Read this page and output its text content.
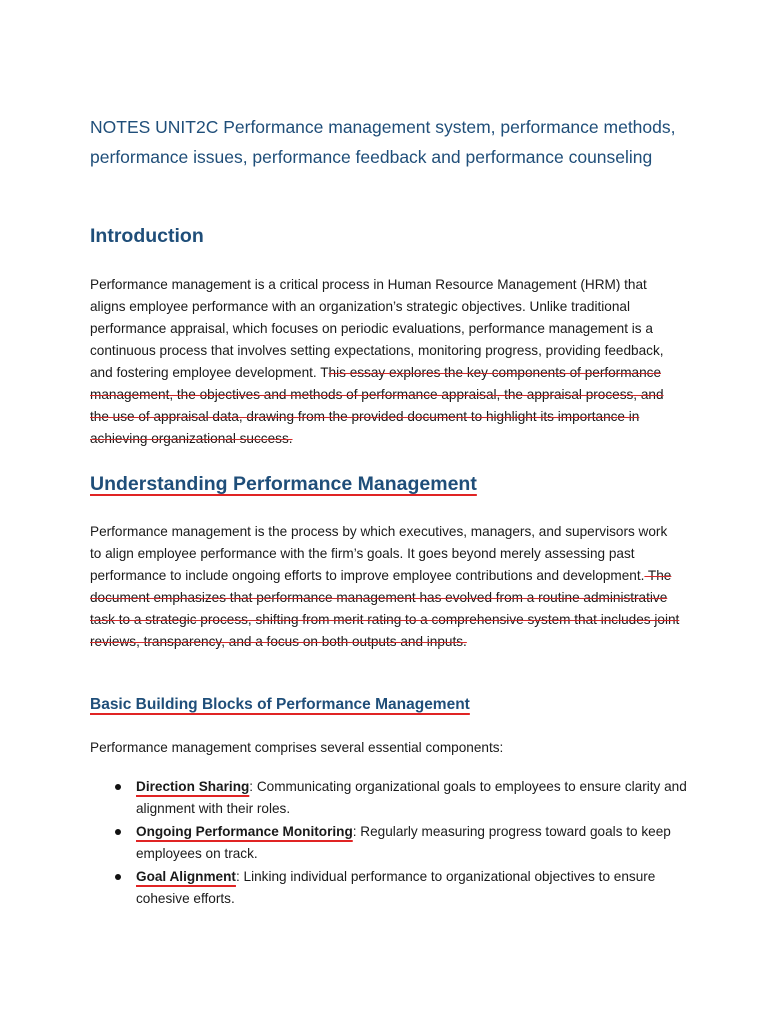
NOTES UNIT2C Performance management system, performance methods, performance issues, performance feedback and performance counseling

Introduction

Performance management is a critical process in Human Resource Management (HRM) that aligns employee performance with an organization’s strategic objectives. Unlike traditional performance appraisal, which focuses on periodic evaluations, performance management is a continuous process that involves setting expectations, monitoring progress, providing feedback, and fostering employee development. This essay explores the key components of performance management, the objectives and methods of performance appraisal, the appraisal process, and the use of appraisal data, drawing from the provided document to highlight its importance in achieving organizational success.

Understanding Performance Management

Performance management is the process by which executives, managers, and supervisors work to align employee performance with the firm’s goals. It goes beyond merely assessing past performance to include ongoing efforts to improve employee contributions and development. The document emphasizes that performance management has evolved from a routine administrative task to a strategic process, shifting from merit rating to a comprehensive system that includes joint reviews, transparency, and a focus on both outputs and inputs.

Basic Building Blocks of Performance Management

Performance management comprises several essential components:

Direction Sharing: Communicating organizational goals to employees to ensure clarity and alignment with their roles.
Ongoing Performance Monitoring: Regularly measuring progress toward goals to keep employees on track.
Goal Alignment: Linking individual performance to organizational objectives to ensure cohesive efforts.
